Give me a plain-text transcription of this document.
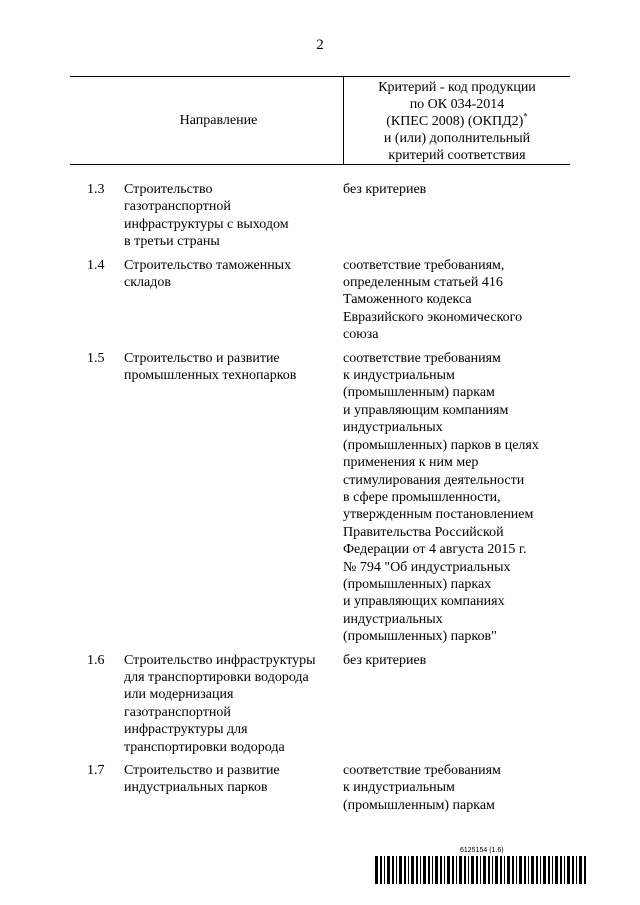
2
Направление
Критерий - код продукции
по ОК 034-2014
(КПЕС 2008) (ОКПД2)*
и (или) дополнительный
критерий соответствия
1.3 Строительство
газотранспортной
инфраструктуры с выходом
в третьи страны
без критериев
1.4 Строительство таможенных
складов
соответствие требованиям,
определенным статьей 416
Таможенного кодекса
Евразийского экономического
союза
1.5 Строительство и развитие
промышленных технопарков
соответствие требованиям
к индустриальным
(промышленным) паркам
и управляющим компаниям
индустриальных
(промышленных) парков в целях
применения к ним мер
стимулирования деятельности
в сфере промышленности,
утвержденным постановлением
Правительства Российской
Федерации от 4 августа 2015 г.
№ 794 "Об индустриальных
(промышленных) парках
и управляющих компаниях
индустриальных
(промышленных) парков"
1.6 Строительство инфраструктуры
для транспортировки водорода
или модернизация
газотранспортной
инфраструктуры для
транспортировки водорода
без критериев
1.7 Строительство и развитие
индустриальных парков
соответствие требованиям
к индустриальным
(промышленным) паркам
6125154 (1.6)
